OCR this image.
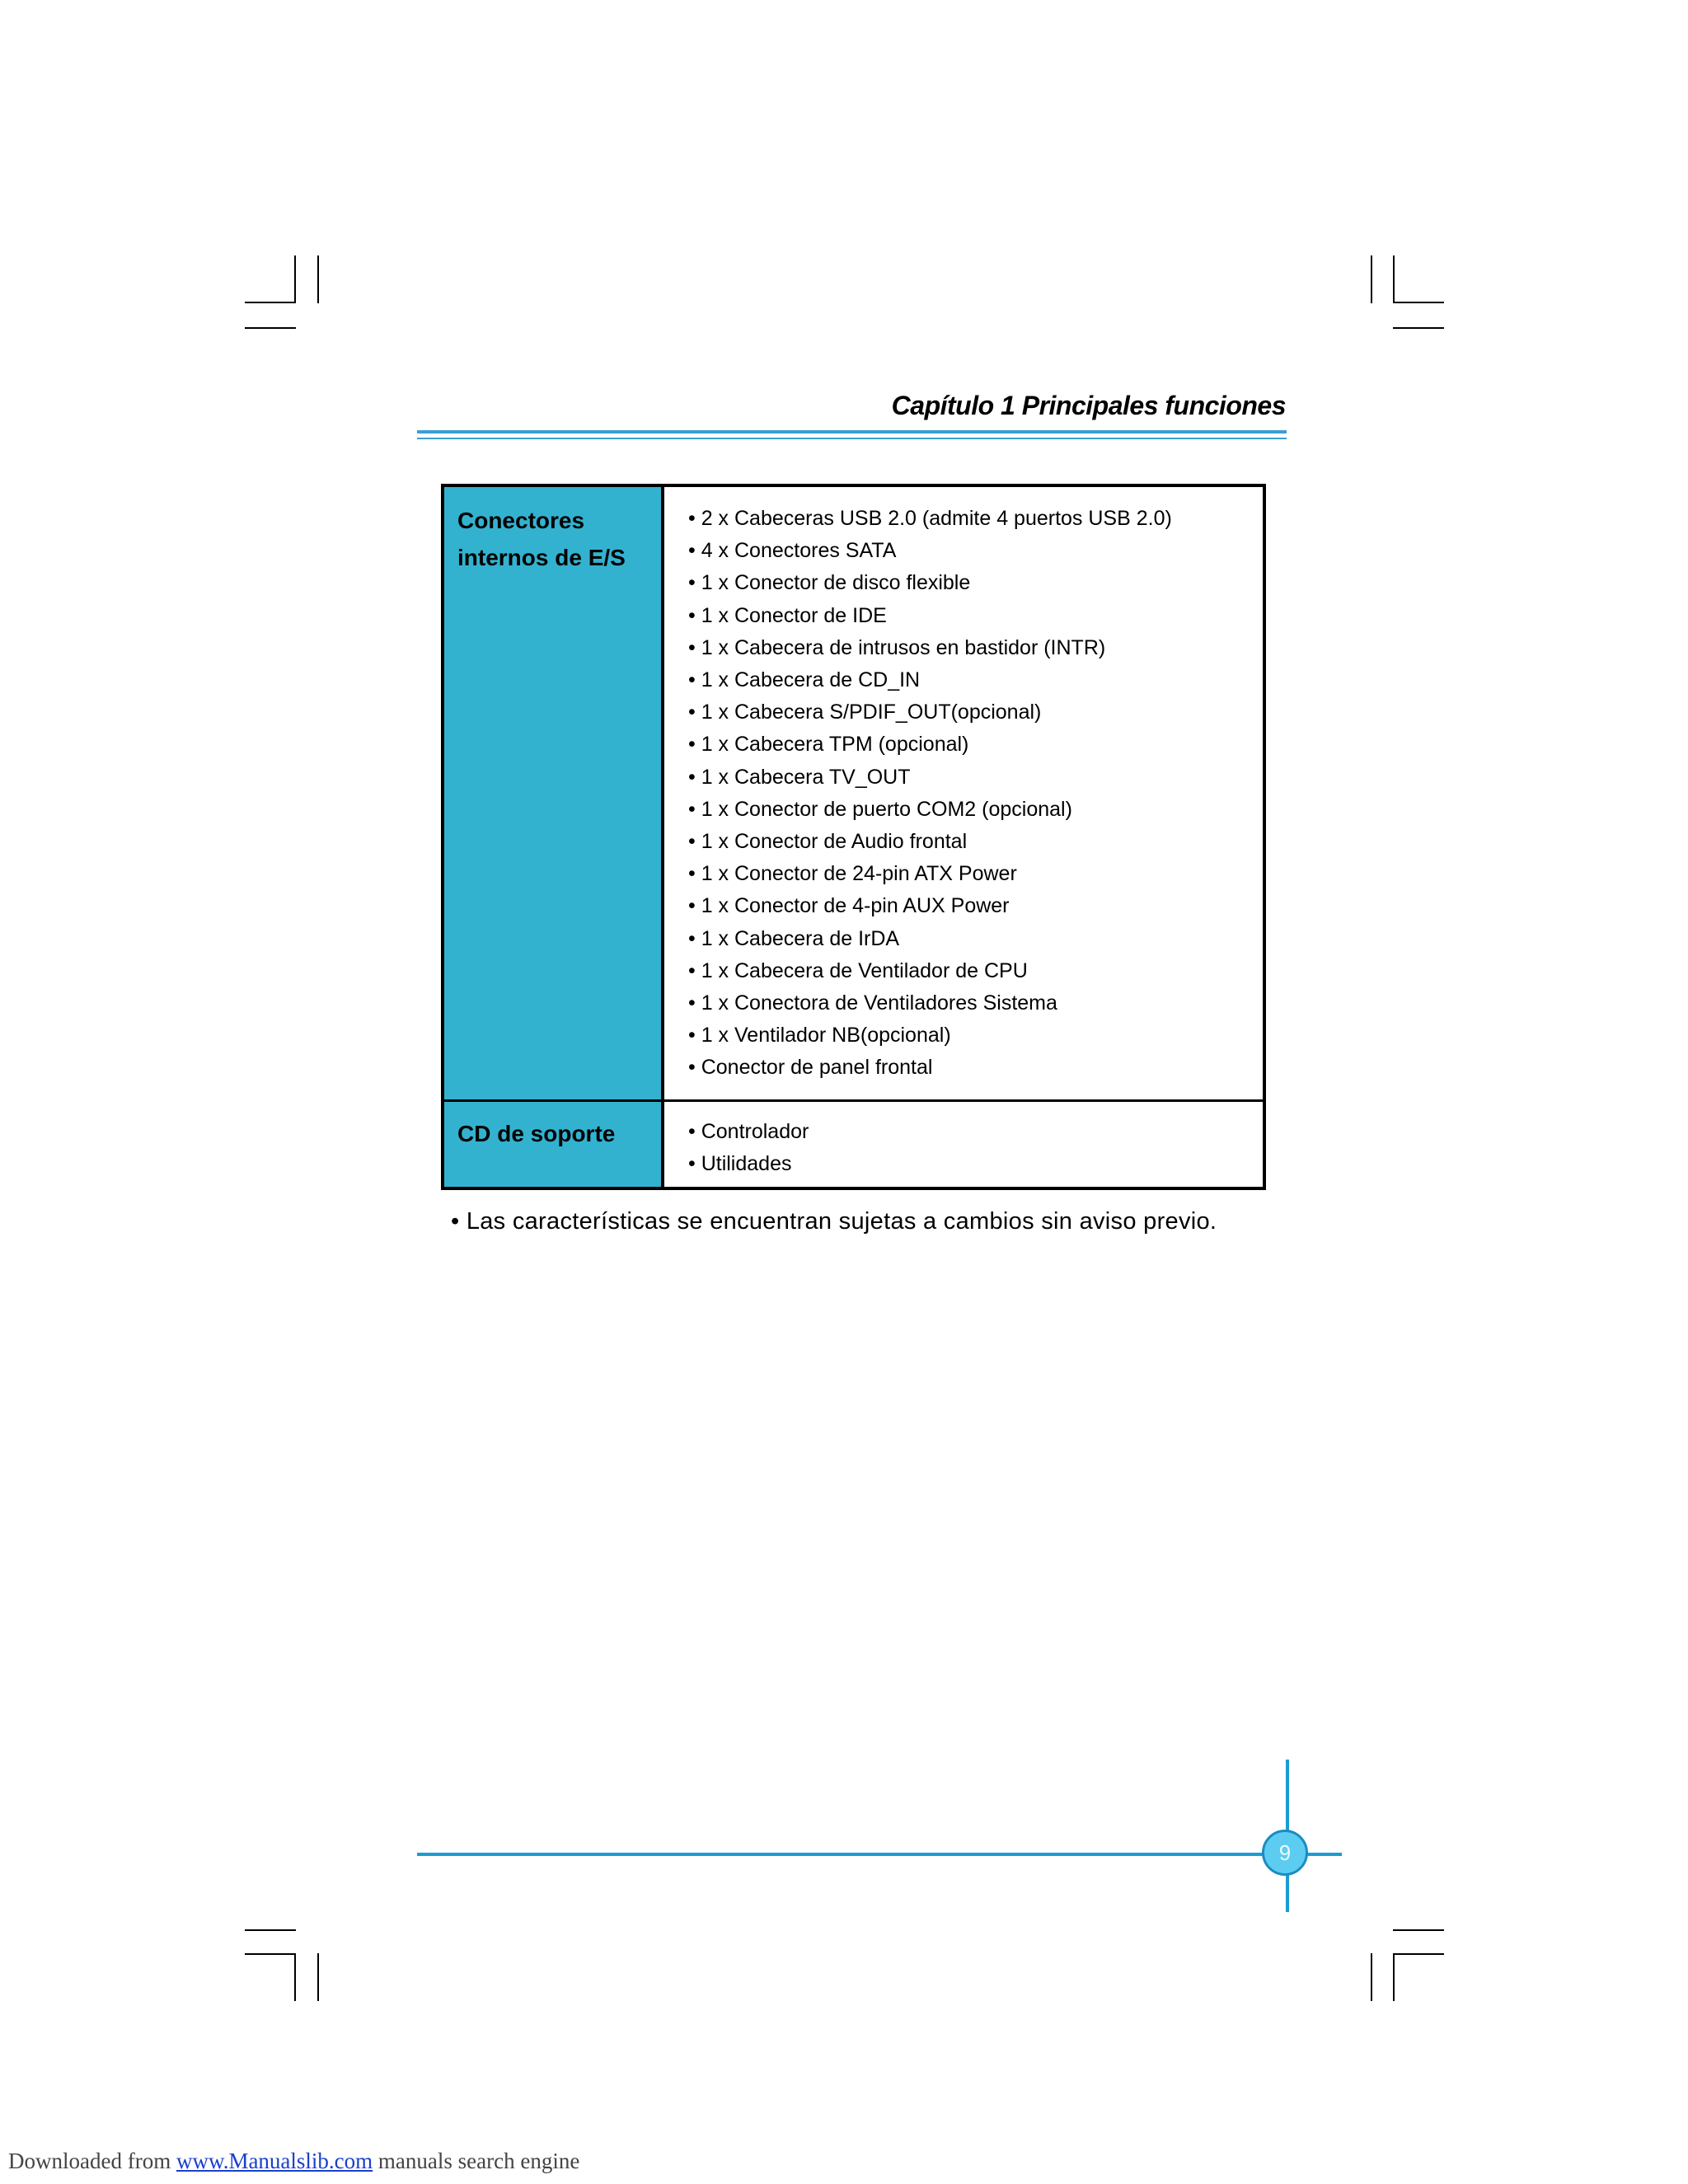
Capítulo 1 Principales funciones
Conectores
internos de E/S
• 2 x Cabeceras USB 2.0 (admite 4 puertos USB 2.0)
• 4 x Conectores SATA
• 1 x Conector de disco flexible
• 1 x Conector de IDE
• 1 x Cabecera de intrusos en bastidor (INTR)
• 1 x Cabecera de CD_IN
• 1 x Cabecera S/PDIF_OUT(opcional)
• 1 x Cabecera TPM (opcional)
• 1 x Cabecera TV_OUT
• 1 x Conector de puerto COM2 (opcional)
• 1 x Conector de Audio frontal
• 1 x Conector de 24-pin ATX Power
• 1 x Conector de 4-pin AUX Power
• 1 x Cabecera de IrDA
• 1 x Cabecera de Ventilador de CPU
• 1 x Conectora de Ventiladores Sistema
• 1 x Ventilador NB(opcional)
• Conector de panel frontal
CD de soporte
•	Controlador
• Utilidades
• Las características se encuentran sujetas a cambios sin aviso previo.
9
Downloaded from www.Manualslib.com manuals search engine
